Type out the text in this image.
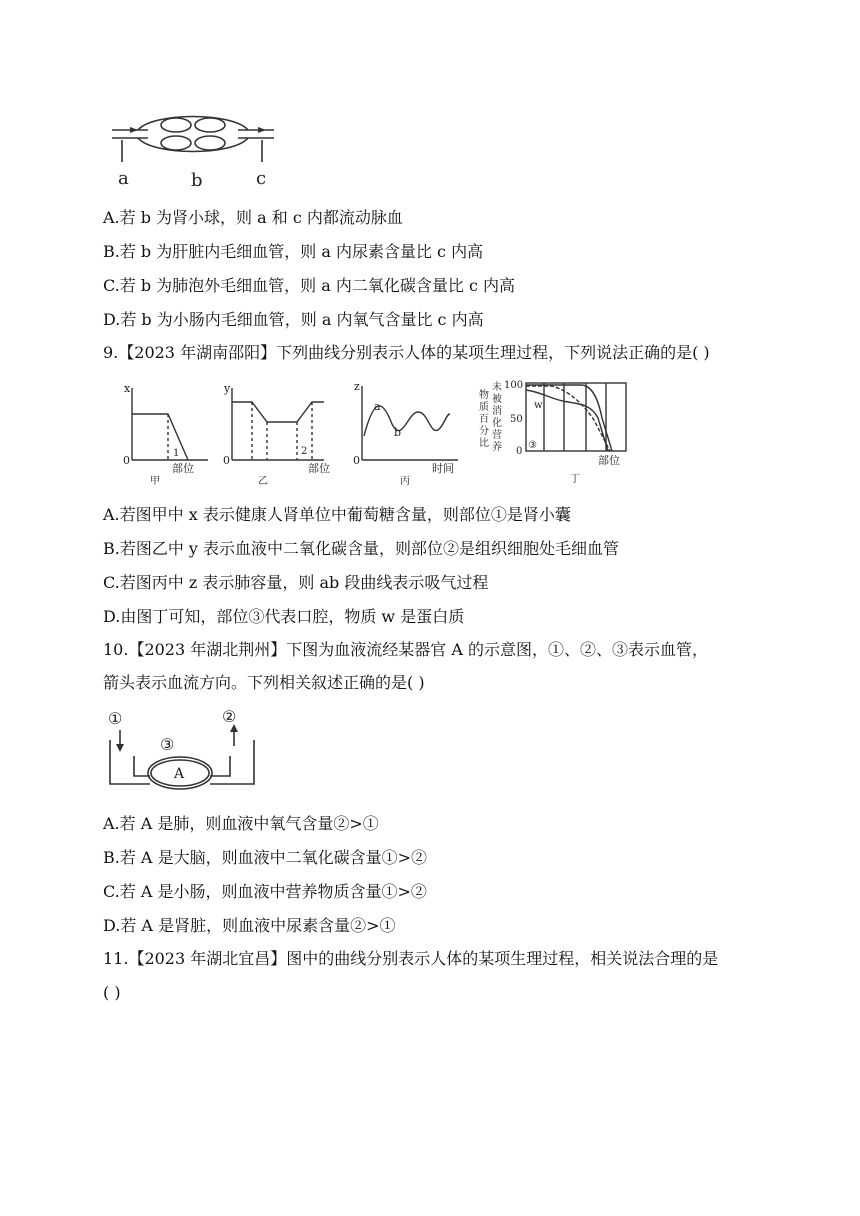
a	b	c
A.若 b 为肾小球，则 a 和 c 内都流动脉血
B.若 b 为肝脏内毛细血管，则 a 内尿素含量比 c 内高
C.若 b 为肺泡外毛细血管，则 a 内二氧化碳含量比 c 内高
D.若 b 为小肠内毛细血管，则 a 内氧气含量比 c 内高
9.【2023 年湖南邵阳】下列曲线分别表示人体的某项生理过程，下列说法正确的是( )
x
0
1
部位
甲
y
0
2
部位
乙
z
0
a
b
时间
丙
未
物 被
质 消
百 化
分 营
比 养
100
50
0
③
w
部位
丁
A.若图甲中 x 表示健康人肾单位中葡萄糖含量，则部位①是肾小囊
B.若图乙中 y 表示血液中二氧化碳含量，则部位②是组织细胞处毛细血管
C.若图丙中 z 表示肺容量，则 ab 段曲线表示吸气过程
D.由图丁可知，部位③代表口腔，物质 w 是蛋白质
10.【2023 年湖北荆州】下图为血液流经某器官 A 的示意图，①、②、③表示血管，
箭头表示血流方向。下列相关叙述正确的是( )
①	②
③
A
A.若 A 是肺，则血液中氧气含量②>①
B.若 A 是大脑，则血液中二氧化碳含量①>②
C.若 A 是小肠，则血液中营养物质含量①>②
D.若 A 是肾脏，则血液中尿素含量②>①
11.【2023 年湖北宜昌】图中的曲线分别表示人体的某项生理过程，相关说法合理的是
( )
